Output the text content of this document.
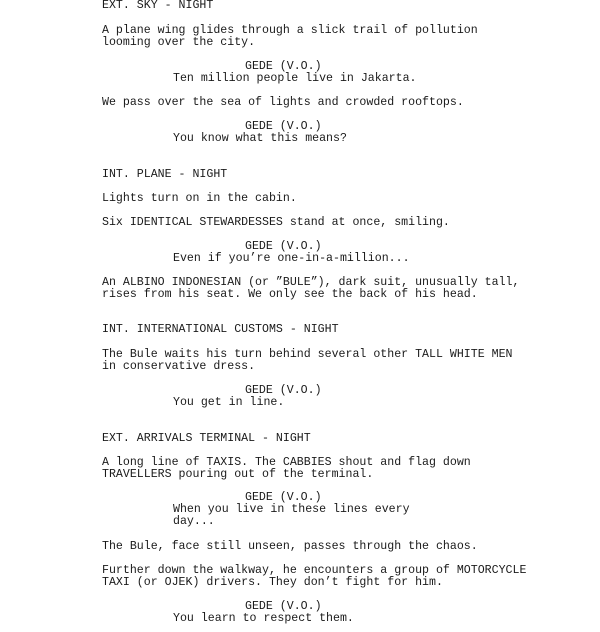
EXT. SKY - NIGHT
A plane wing glides through a slick trail of pollution
looming over the city.
GEDE (V.O.)
Ten million people live in Jakarta.
We pass over the sea of lights and crowded rooftops.
GEDE (V.O.)
You know what this means?
INT. PLANE - NIGHT
Lights turn on in the cabin.
Six IDENTICAL STEWARDESSES stand at once, smiling.
GEDE (V.O.)
Even if you’re one-in-a-million...
An ALBINO INDONESIAN (or ”BULE”), dark suit, unusually tall,
rises from his seat. We only see the back of his head.
INT. INTERNATIONAL CUSTOMS - NIGHT
The Bule waits his turn behind several other TALL WHITE MEN
in conservative dress.
GEDE (V.O.)
You get in line.
EXT. ARRIVALS TERMINAL - NIGHT
A long line of TAXIS. The CABBIES shout and flag down
TRAVELLERS pouring out of the terminal.
GEDE (V.O.)
When you live in these lines every
day...
The Bule, face still unseen, passes through the chaos.
Further down the walkway, he encounters a group of MOTORCYCLE
TAXI (or OJEK) drivers. They don’t fight for him.
GEDE (V.O.)
You learn to respect them.
